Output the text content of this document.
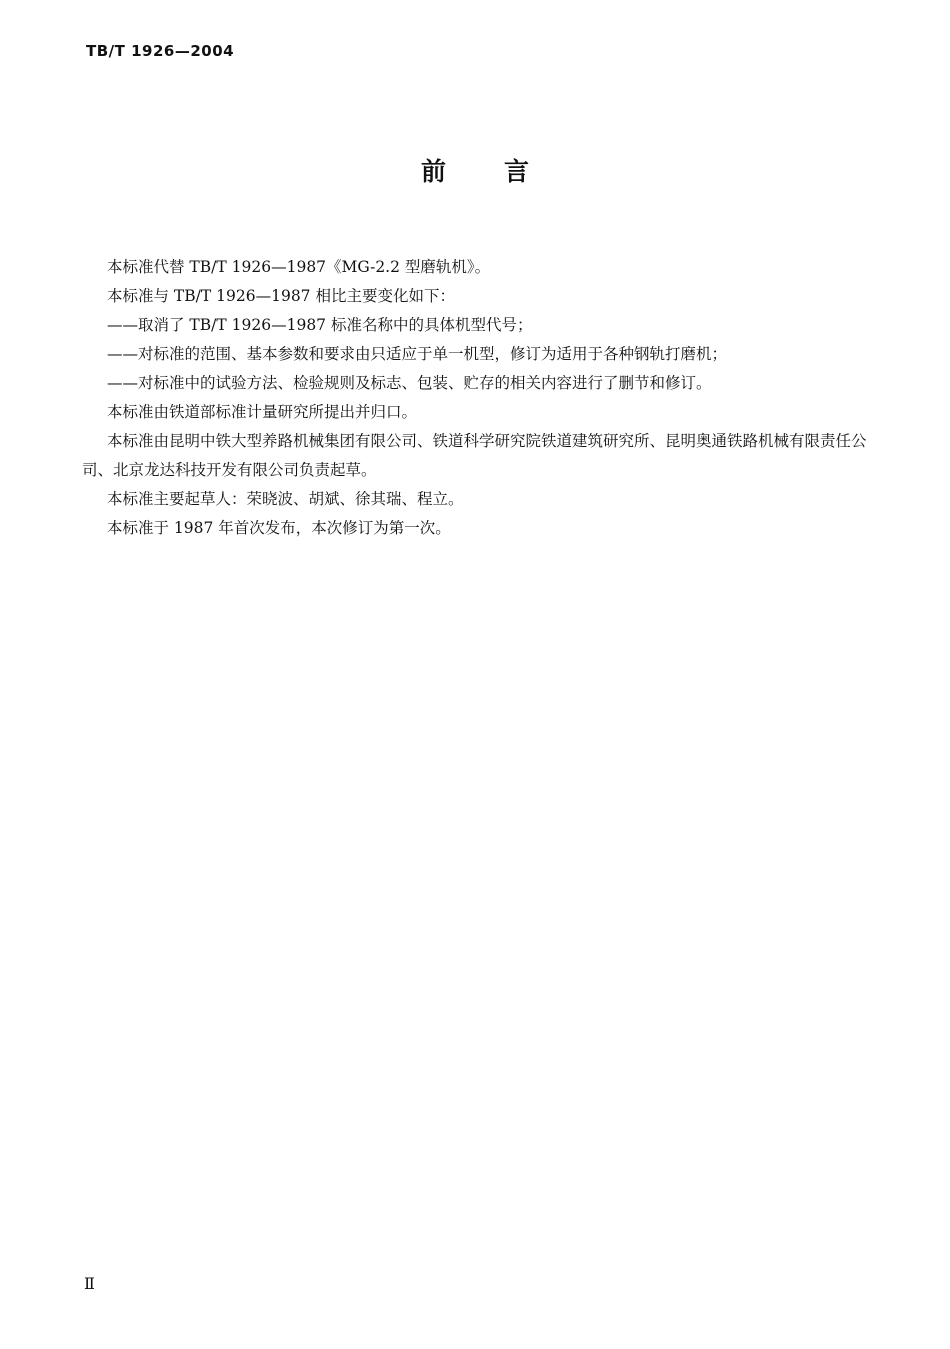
TB/T 1926—2004
前 言

本标准代替 TB/T 1926—1987《MG-2.2 型磨轨机》。

本标准与 TB/T 1926—1987 相比主要变化如下：

——取消了 TB/T 1926—1987 标准名称中的具体机型代号；

——对标准的范围、基本参数和要求由只适应于单一机型，修订为适用于各种钢轨打磨机；

——对标准中的试验方法、检验规则及标志、包装、贮存的相关内容进行了删节和修订。

本标准由铁道部标准计量研究所提出并归口。

本标准由昆明中铁大型养路机械集团有限公司、铁道科学研究院铁道建筑研究所、昆明奥通铁路机械有限责任公司、北京龙达科技开发有限公司负责起草。

本标准主要起草人：荣晓波、胡斌、徐其瑞、程立。

本标准于 1987 年首次发布，本次修订为第一次。

Ⅱ
